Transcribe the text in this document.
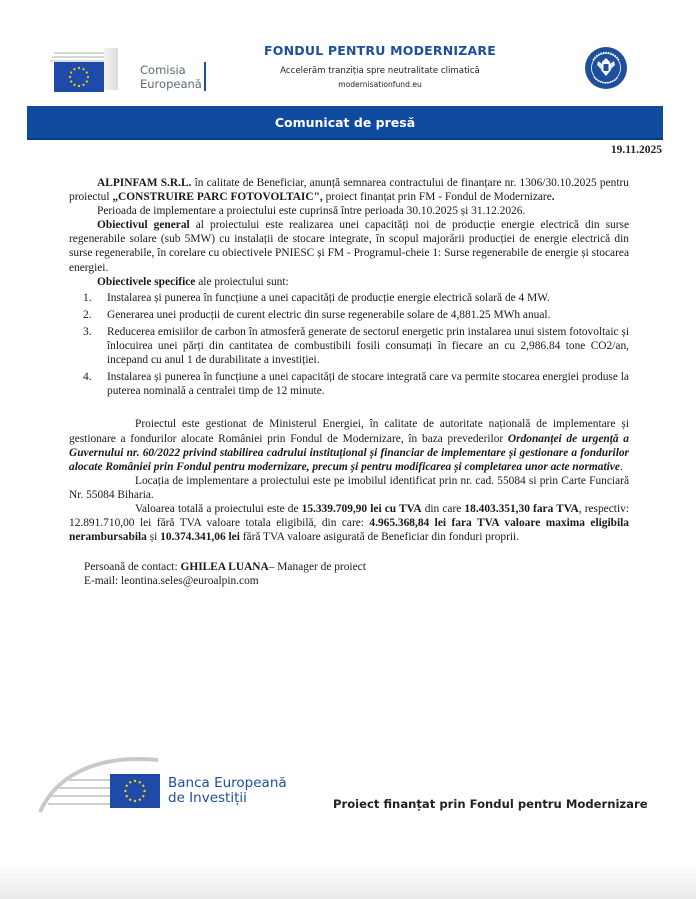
Comisia
Europeană
FONDUL PENTRU MODERNIZARE
Accelerăm tranziția spre neutralitate climatică
modernisationfund.eu
Comunicat de presă
19.11.2025

ALPINFAM S.R.L. în calitate de Beneficiar, anunță semnarea contractului de finanțare nr. 1306/30.10.2025 pentru proiectul „CONSTRUIRE PARC FOTOVOLTAIC", proiect finanțat prin FM - Fondul de Modernizare.

Perioada de implementare a proiectului este cuprinsă între perioada 30.10.2025 și 31.12.2026.

Obiectivul general al proiectului este realizarea unei capacități noi de producție energie electrică din surse regenerabile solare (sub 5MW) cu instalații de stocare integrate, în scopul majorării producției de energie electrică din surse regenerabile, în corelare cu obiectivele PNIESC și FM - Programul-cheie 1: Surse regenerabile de energie și stocarea energiei.

Obiectivele specifice ale proiectului sunt:

1. Instalarea și punerea în funcțiune a unei capacități de producție energie electrică solară de 4 MW.
2. Generarea unei producții de curent electric din surse regenerabile solare de 4,881.25 MWh anual.
3. Reducerea emisiilor de carbon în atmosferă generate de sectorul energetic prin instalarea unui sistem fotovoltaic și înlocuirea unei părți din cantitatea de combustibili fosili consumați în fiecare an cu 2,986.84 tone CO2/an, incepand cu anul 1 de durabilitate a investiției.
4. Instalarea și punerea în funcțiune a unei capacități de stocare integrată care va permite stocarea energiei produse la puterea nominală a centralei timp de 12 minute.

Proiectul este gestionat de Ministerul Energiei, în calitate de autoritate națională de implementare și gestionare a fondurilor alocate României prin Fondul de Modernizare, în baza prevederilor Ordonanței de urgență a Guvernului nr. 60/2022 privind stabilirea cadrului instituțional și financiar de implementare și gestionare a fondurilor alocate României prin Fondul pentru modernizare, precum și pentru modificarea și completarea unor acte normative.

Locația de implementare a proiectului este pe imobilul identificat prin nr. cad. 55084 si prin Carte Funciară Nr. 55084 Biharia.

Valoarea totală a proiectului este de 15.339.709,90 lei cu TVA din care 18.403.351,30 fara TVA, respectiv: 12.891.710,00 lei fără TVA valoare totala eligibilă, din care: 4.965.368,84 lei fara TVA valoare maxima eligibila nerambursabila și 10.374.341,06 lei fără TVA valoare asigurată de Beneficiar din fonduri proprii.

Persoană de contact: GHILEA LUANA– Manager de proiect

E-mail: leontina.seles@euroalpin.com

Banca Europeană
de Investiții	Proiect finanțat prin Fondul pentru Modernizare
